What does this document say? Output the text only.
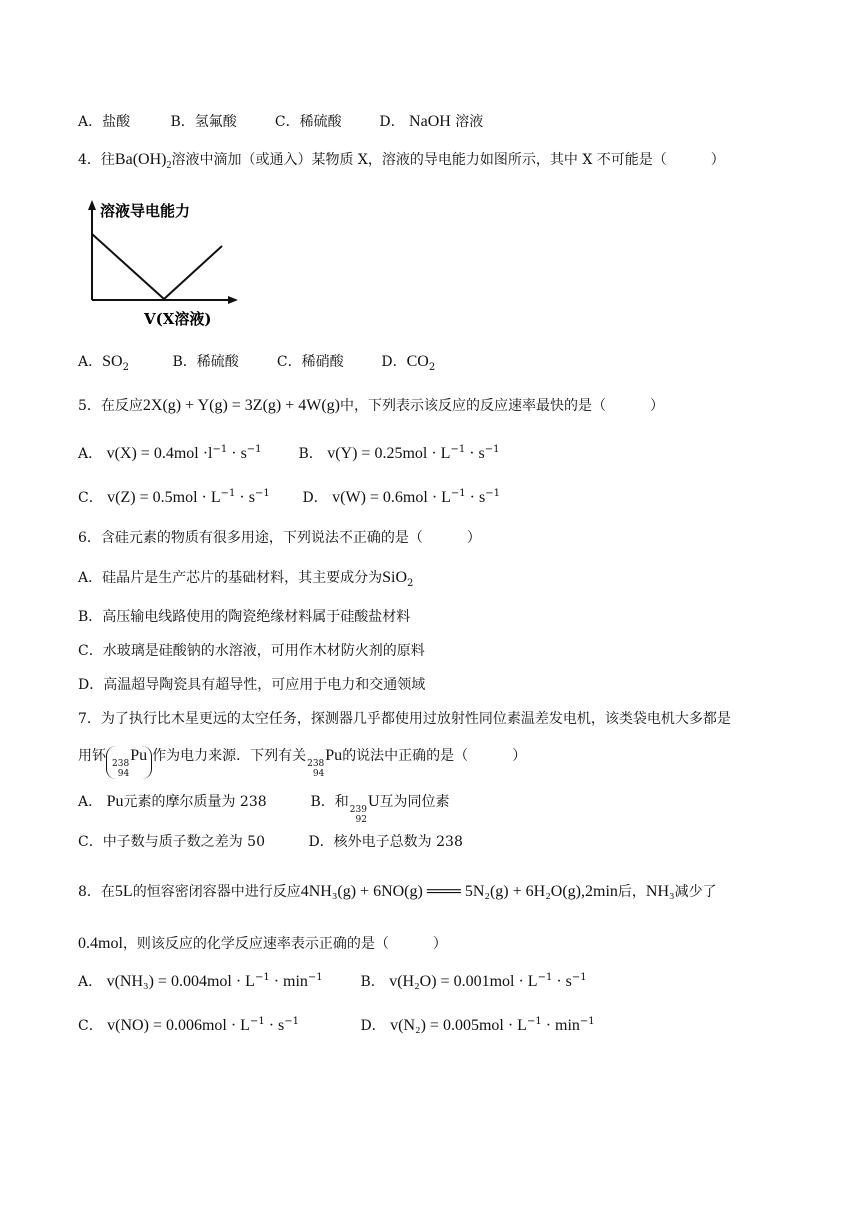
A．盐酸	B．氢氟酸	C．稀硫酸	D． NaOH 溶液
4．往$Ba(OH)_2$溶液中滴加（或通入）某物质 X，溶液的导电能力如图所示，其中 X 不可能是（	）
溶液导电能力
V(X溶液)
A．$SO_2$	B．稀硫酸	C．稀硝酸	D．$CO_2$
5．在反应2X(g) + Y(g) = 3Z(g) + 4W(g)中，下列表示该反应的反应速率最快的是（	）
A． $v(X) = 0.4mol \cdot l^{-1} \cdot s^{-1}$	B． $v(Y) = 0.25mol \cdot L^{-1} \cdot s^{-1}$
C． $v(Z) = 0.5mol \cdot L^{-1} \cdot s^{-1}$ D． $v(W) = 0.6mol \cdot L^{-1} \cdot s^{-1}$
6．含硅元素的物质有很多用途，下列说法不正确的是（	）
A．硅晶片是生产芯片的基础材料，其主要成分为SiO$_2$
B．高压输电线路使用的陶瓷绝缘材料属于硅酸盐材料
C．水玻璃是硅酸钠的水溶液，可用作木材防火剂的原料
D．高温超导陶瓷具有超导性，可应用于电力和交通领域
7．为了执行比木星更远的太空任务，探测器几乎都使用过放射性同位素温差发电机，该类袋电机大多都是
用钚 238
94
Pu 作为电力来源．下列有关 238
94
Pu的说法中正确的是（	）
A． Pu元素的摩尔质量为 238	B．和 239
92
U互为同位素
C．中子数与质子数之差为 50	D．核外电子总数为 238
8．在5L的恒容密闭容器中进行反应4NH₃(g) + 6NO(g) ═══ 5N₂(g) + 6H₂O(g),2min后，NH₃减少了
0.4mol，则该反应的化学反应速率表示正确的是（	）
A． $v(NH_3) = 0.004mol \cdot L^{-1} \cdot \min^{-1}$	B． $v(H_2O) = 0.001mol \cdot L^{-1} \cdot s^{-1}$
C． $v(NO) = 0.006mol \cdot L^{-1} \cdot s^{-1}$	D． $v(N_2) = 0.005mol \cdot L^{-1} \cdot \min^{-1}$
